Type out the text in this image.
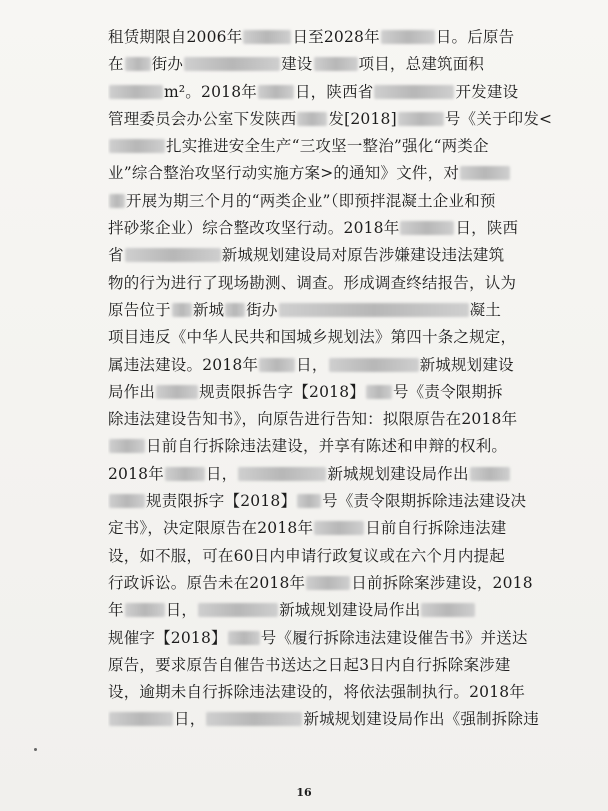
租赁期限自2006年	日至2028年	日。后原告
在 街办	建设	项目，总建筑面积
m²。2018年 日，陕西省	开发建设
管理委员会办公室下发陕西 发[2018]	号《关于印发<
扎实推进安全生产“三攻坚一整治”强化“两类企
业”综合整治攻坚行动实施方案>的通知》文件，对
开展为期三个月的“两类企业”（即预拌混凝土企业和预
拌砂浆企业）综合整改攻坚行动。2018年	日，陕西
省	新城规划建设局对原告涉嫌建设违法建筑
物的行为进行了现场勘测、调查。形成调查终结报告，认为
原告位于 新城 街办	凝土
项目违反《中华人民共和国城乡规划法》第四十条之规定，
属违法建设。2018年 日，	新城规划建设
局作出	规责限拆告字【2018】 号《责令限期拆
除违法建设告知书》，向原告进行告知：拟限原告在2018年
日前自行拆除违法建设，并享有陈述和申辩的权利。
2018年	日，	新城规划建设局作出
规责限拆字【2018】 号《责令限期拆除违法建设决
定书》，决定限原告在2018年	日前自行拆除违法建
设，如不服，可在60日内申请行政复议或在六个月内提起
行政诉讼。原告未在2018年	日前拆除案涉建设，2018
年	日，	新城规划建设局作出
规催字【2018】 号《履行拆除违法建设催告书》并送达
原告，要求原告自催告书送达之日起3日内自行拆除案涉建
设，逾期未自行拆除违法建设的，将依法强制执行。2018年
日，	新城规划建设局作出《强制拆除违
16
